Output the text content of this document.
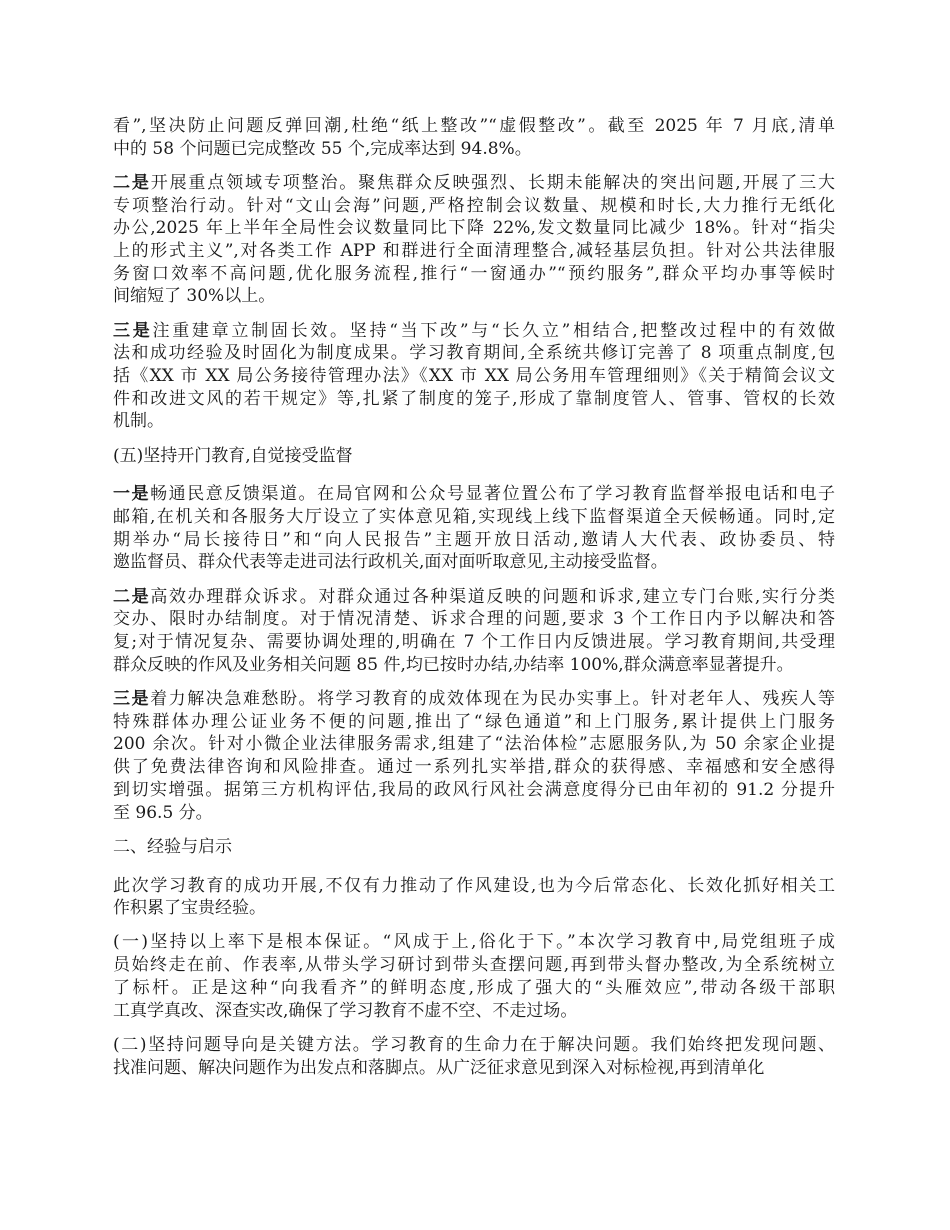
看”,坚决防止问题反弹回潮,杜绝“纸上整改”“虚假整改”。截至 2025 年 7 月底,清单
中的 58 个问题已完成整改 55 个,完成率达到 94.8%。
二是开展重点领域专项整治。聚焦群众反映强烈、长期未能解决的突出问题,开展了三大
专项整治行动。针对“文山会海”问题,严格控制会议数量、规模和时长,大力推行无纸化
办公,2025 年上半年全局性会议数量同比下降 22%,发文数量同比减少 18%。针对“指尖
上的形式主义”,对各类工作 APP 和群进行全面清理整合,减轻基层负担。针对公共法律服
务窗口效率不高问题,优化服务流程,推行“一窗通办”“预约服务”,群众平均办事等候时
间缩短了 30%以上。
三是注重建章立制固长效。坚持“当下改”与“长久立”相结合,把整改过程中的有效做
法和成功经验及时固化为制度成果。学习教育期间,全系统共修订完善了 8 项重点制度,包
括《XX 市 XX 局公务接待管理办法》《XX 市 XX 局公务用车管理细则》《关于精简会议文
件和改进文风的若干规定》等,扎紧了制度的笼子,形成了靠制度管人、管事、管权的长效
机制。
(五)坚持开门教育,自觉接受监督
一是畅通民意反馈渠道。在局官网和公众号显著位置公布了学习教育监督举报电话和电子
邮箱,在机关和各服务大厅设立了实体意见箱,实现线上线下监督渠道全天候畅通。同时,定
期举办“局长接待日”和“向人民报告”主题开放日活动,邀请人大代表、政协委员、特
邀监督员、群众代表等走进司法行政机关,面对面听取意见,主动接受监督。
二是高效办理群众诉求。对群众通过各种渠道反映的问题和诉求,建立专门台账,实行分类
交办、限时办结制度。对于情况清楚、诉求合理的问题,要求 3 个工作日内予以解决和答
复;对于情况复杂、需要协调处理的,明确在 7 个工作日内反馈进展。学习教育期间,共受理
群众反映的作风及业务相关问题 85 件,均已按时办结,办结率 100%,群众满意率显著提升。
三是着力解决急难愁盼。将学习教育的成效体现在为民办实事上。针对老年人、残疾人等
特殊群体办理公证业务不便的问题,推出了“绿色通道”和上门服务,累计提供上门服务
200 余次。针对小微企业法律服务需求,组建了“法治体检”志愿服务队,为 50 余家企业提
供了免费法律咨询和风险排查。通过一系列扎实举措,群众的获得感、幸福感和安全感得
到切实增强。据第三方机构评估,我局的政风行风社会满意度得分已由年初的 91.2 分提升
至 96.5 分。
二、经验与启示
此次学习教育的成功开展,不仅有力推动了作风建设,也为今后常态化、长效化抓好相关工
作积累了宝贵经验。
(一)坚持以上率下是根本保证。“风成于上,俗化于下。”本次学习教育中,局党组班子成
员始终走在前、作表率,从带头学习研讨到带头查摆问题,再到带头督办整改,为全系统树立
了标杆。正是这种“向我看齐”的鲜明态度,形成了强大的“头雁效应”,带动各级干部职
工真学真改、深查实改,确保了学习教育不虚不空、不走过场。
(二)坚持问题导向是关键方法。学习教育的生命力在于解决问题。我们始终把发现问题、
找准问题、解决问题作为出发点和落脚点。从广泛征求意见到深入对标检视,再到清单化
